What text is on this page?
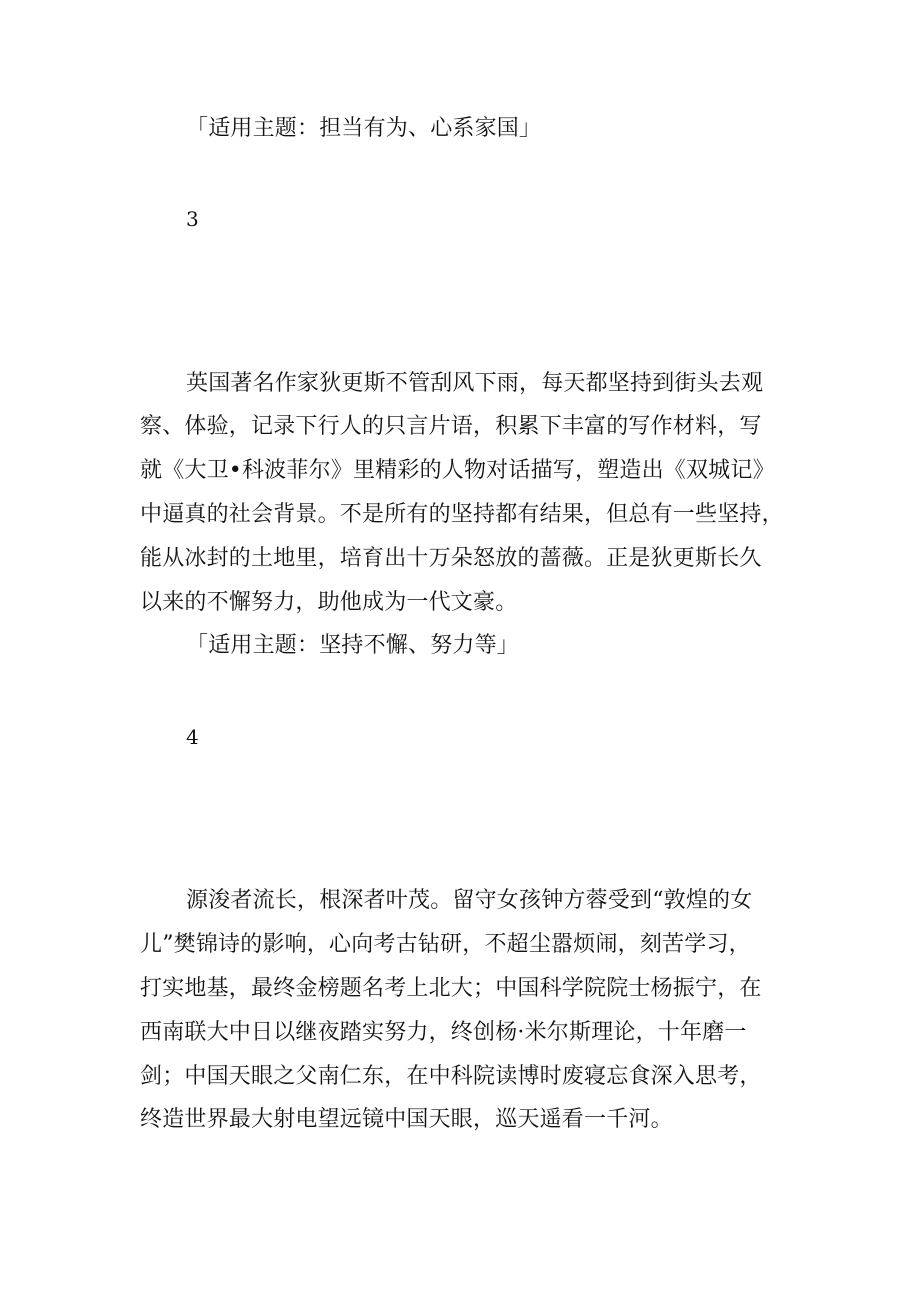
「适用主题：担当有为、心系家国」
3
英国著名作家狄更斯不管刮风下雨，每天都坚持到街头去观
察、体验，记录下行人的只言片语，积累下丰富的写作材料，写
就《大卫•科波菲尔》里精彩的人物对话描写，塑造出《双城记》
中逼真的社会背景。不是所有的坚持都有结果，但总有一些坚持，
能从冰封的土地里，培育出十万朵怒放的蔷薇。正是狄更斯长久
以来的不懈努力，助他成为一代文豪。
「适用主题：坚持不懈、努力等」
4
源浚者流长，根深者叶茂。留守女孩钟方蓉受到“敦煌的女
儿”樊锦诗的影响，心向考古钻研，不超尘嚣烦闹，刻苦学习，
打实地基，最终金榜题名考上北大；中国科学院院士杨振宁，在
西南联大中日以继夜踏实努力，终创杨·米尔斯理论，十年磨一
剑；中国天眼之父南仁东，在中科院读博时废寝忘食深入思考，
终造世界最大射电望远镜中国天眼，巡天遥看一千河。
